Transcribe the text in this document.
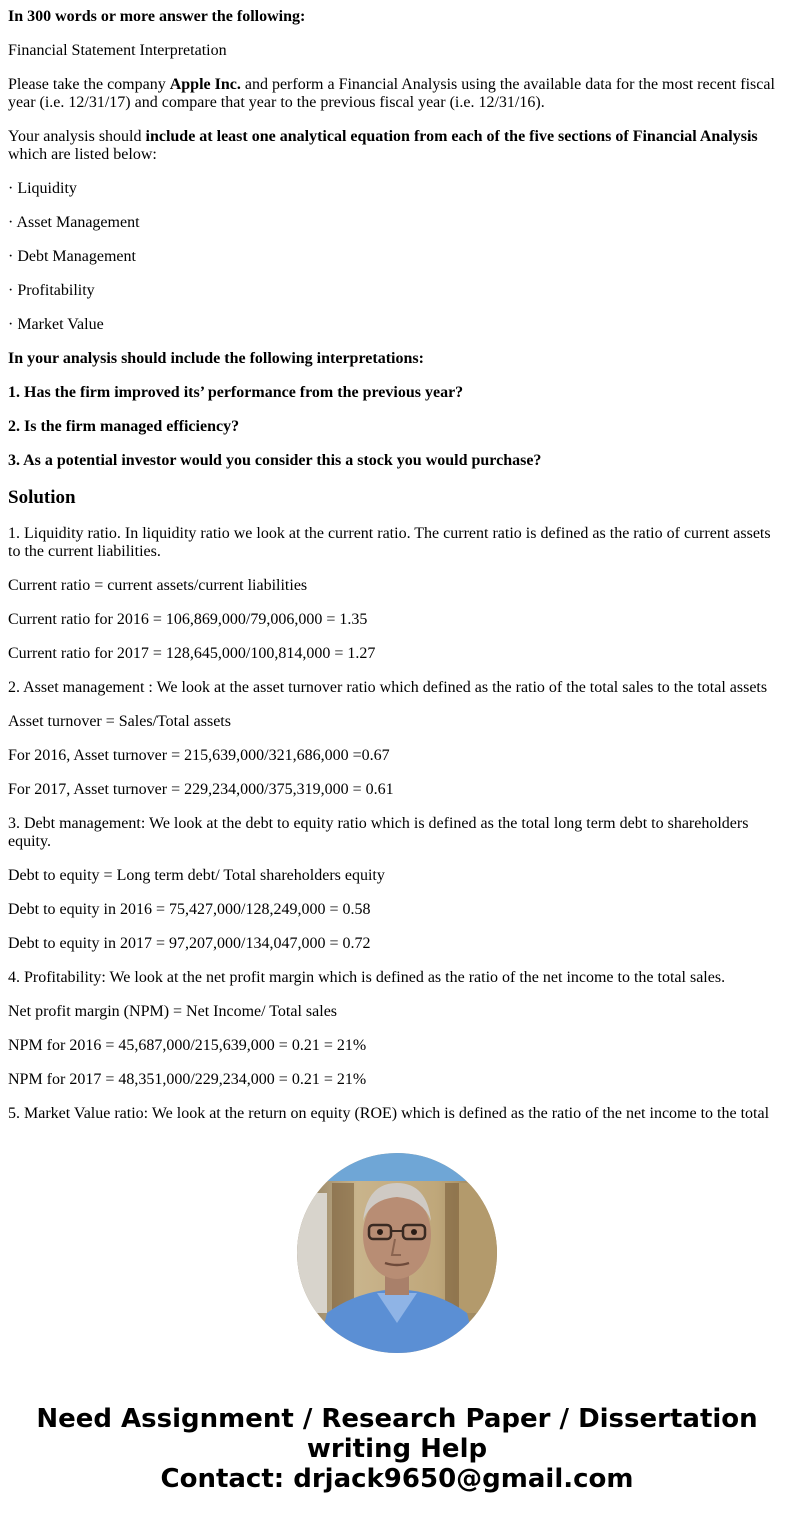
In 300 words or more answer the following:

Financial Statement Interpretation

Please take the company Apple Inc. and perform a Financial Analysis using the available data for the most recent fiscal year (i.e. 12/31/17) and compare that year to the previous fiscal year (i.e. 12/31/16).

Your analysis should include at least one analytical equation from each of the five sections of Financial Analysis which are listed below:

· Liquidity

· Asset Management

· Debt Management

· Profitability

· Market Value

In your analysis should include the following interpretations:

1. Has the firm improved its’ performance from the previous year?

2. Is the firm managed efficiency?

3. As a potential investor would you consider this a stock you would purchase?

Solution

1. Liquidity ratio. In liquidity ratio we look at the current ratio. The current ratio is defined as the ratio of current assets to the current liabilities.

Current ratio = current assets/current liabilities

Current ratio for 2016 = 106,869,000/79,006,000 = 1.35

Current ratio for 2017 = 128,645,000/100,814,000 = 1.27

2. Asset management : We look at the asset turnover ratio which defined as the ratio of the total sales to the total assets

Asset turnover = Sales/Total assets

For 2016, Asset turnover = 215,639,000/321,686,000 =0.67

For 2017, Asset turnover = 229,234,000/375,319,000 = 0.61

3. Debt management: We look at the debt to equity ratio which is defined as the total long term debt to shareholders equity.

Debt to equity = Long term debt/ Total shareholders equity

Debt to equity in 2016 = 75,427,000/128,249,000 = 0.58

Debt to equity in 2017 = 97,207,000/134,047,000 = 0.72

4. Profitability: We look at the net profit margin which is defined as the ratio of the net income to the total sales.

Net profit margin (NPM) = Net Income/ Total sales

NPM for 2016 = 45,687,000/215,639,000 = 0.21 = 21%

NPM for 2017 = 48,351,000/229,234,000 = 0.21 = 21%

5. Market Value ratio: We look at the return on equity (ROE) which is defined as the ratio of the net income to the total

Need Assignment / Research Paper / Dissertation
writing Help
Contact: drjack9650@gmail.com
